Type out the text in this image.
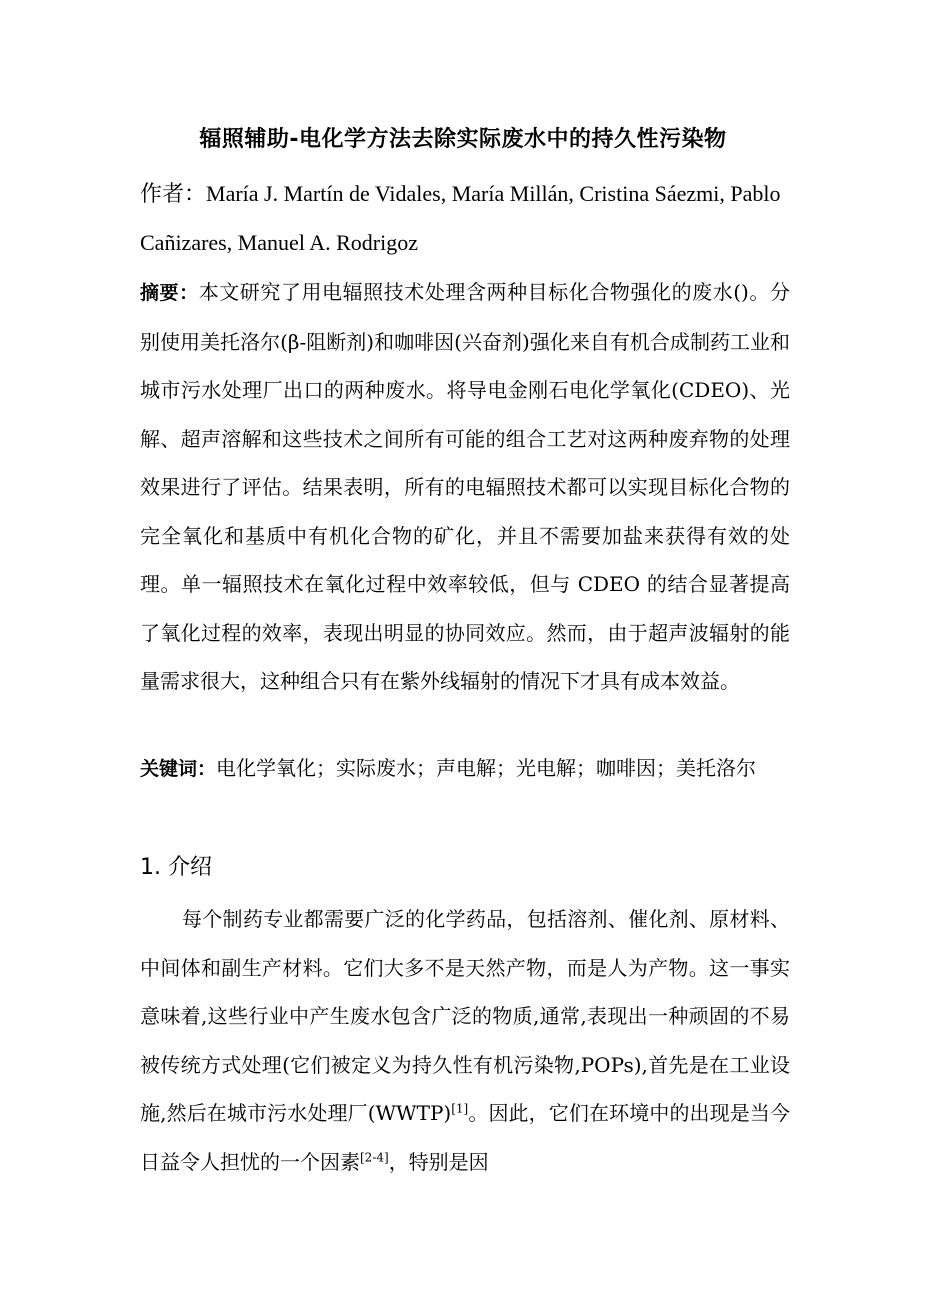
辐照辅助-电化学方法去除实际废水中的持久性污染物
作者：María J. Martín de Vidales, María Millán, Cristina Sáezmi, Pablo Cañizares, Manuel A. Rodrigoz
摘要：本文研究了用电辐照技术处理含两种目标化合物强化的废水()。分别使用美托洛尔(β-阻断剂)和咖啡因(兴奋剂)强化来自有机合成制药工业和城市污水处理厂出口的两种废水。将导电金刚石电化学氧化(CDEO)、光解、超声溶解和这些技术之间所有可能的组合工艺对这两种废弃物的处理效果进行了评估。结果表明，所有的电辐照技术都可以实现目标化合物的完全氧化和基质中有机化合物的矿化，并且不需要加盐来获得有效的处理。单一辐照技术在氧化过程中效率较低，但与 CDEO 的结合显著提高了氧化过程的效率，表现出明显的协同效应。然而，由于超声波辐射的能量需求很大，这种组合只有在紫外线辐射的情况下才具有成本效益。
关键词：电化学氧化；实际废水；声电解；光电解；咖啡因；美托洛尔
1. 介绍
每个制药专业都需要广泛的化学药品，包括溶剂、催化剂、原材料、中间体和副生产材料。它们大多不是天然产物，而是人为产物。这一事实意味着,这些行业中产生废水包含广泛的物质,通常,表现出一种顽固的不易被传统方式处理(它们被定义为持久性有机污染物,POPs),首先是在工业设施,然后在城市污水处理厂(WWTP)[1]。因此，它们在环境中的出现是当今日益令人担忧的一个因素[2-4]，特别是因
